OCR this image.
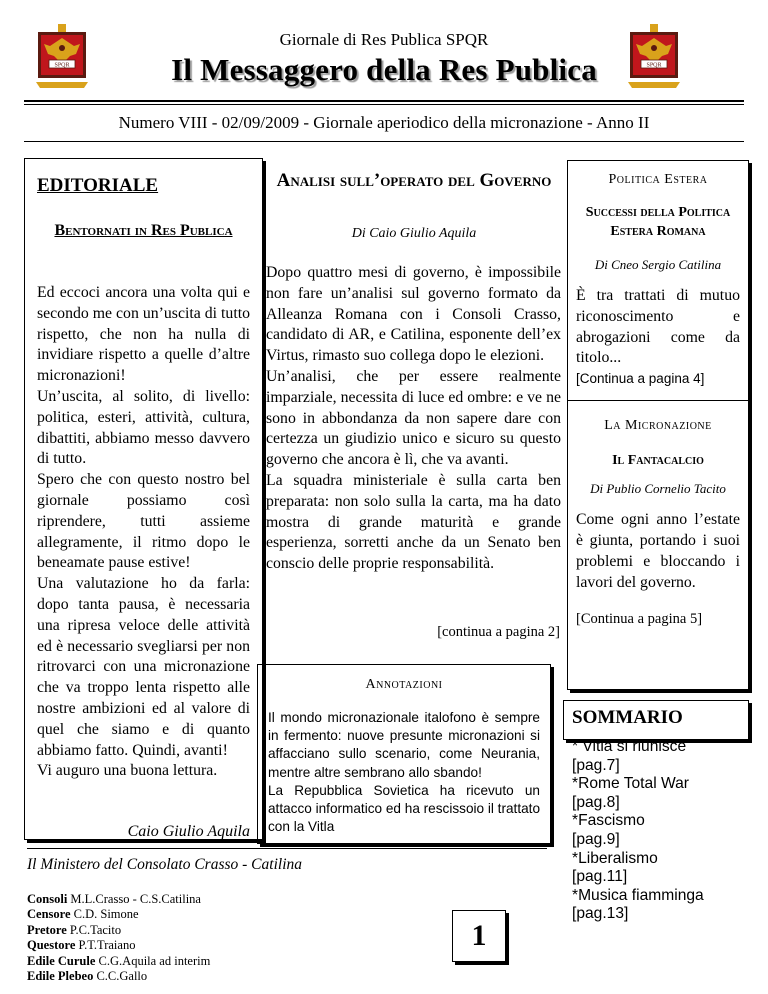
SPQR	SPQR
Giornale di Res Publica SPQR
Il Messaggero della Res Publica
Numero VIII - 02/09/2009 - Giornale aperiodico della micronazione - Anno II
EDITORIALE
Bentornati in Res Publica

Ed eccoci ancora una volta qui e secondo me con un’uscita di tutto rispetto, che non ha nulla di invidiare rispetto a quelle d’altre micronazioni!

Un’uscita, al solito, di livello: politica, esteri, attività, cultura, dibattiti, abbiamo messo davvero di tutto.

Spero che con questo nostro bel giornale possiamo così riprendere, tutti assieme allegramente, il ritmo dopo le beneamate pause estive!

Una valutazione ho da farla: dopo tanta pausa, è necessaria una ripresa veloce delle attività ed è necessario svegliarsi per non ritrovarci con una micronazione che va troppo lenta rispetto alle nostre ambizioni ed al valore di quel che siamo e di quanto abbiamo fatto. Quindi, avanti!

Vi auguro una buona lettura.

Caio Giulio Aquila
Analisi sull’operato del Governo
Di Caio Giulio Aquila

Dopo quattro mesi di governo, è impossibile non fare un’analisi sul governo formato da Alleanza Romana con i Consoli Crasso, candidato di AR, e Catilina, esponente dell’ex Virtus, rimasto suo collega dopo le elezioni.

Un’analisi, che per essere realmente imparziale, necessita di luce ed ombre: e ve ne sono in abbondanza da non sapere dare con certezza un giudizio unico e sicuro su questo governo che ancora è lì, che va avanti.

La squadra ministeriale è sulla carta ben preparata: non solo sulla la carta, ma ha dato mostra di grande maturità e grande esperienza, sorretti anche da un Senato ben conscio delle proprie responsabilità.

[continua a pagina 2]
Annotazioni

Il mondo micronazionale italofono è sempre in fermento: nuove presunte micronazioni si affacciano sullo scenario, come Neurania, mentre altre sembrano allo sbando!

La Repubblica Sovietica ha ricevuto un attacco informatico ed ha rescissoio il trattato con la Vitla

Politica Estera
Successi della Politica Estera Romana
Di Cneo Sergio Catilina
È tra trattati di mutuo riconoscimento e abrogazioni come da titolo...
[Continua a pagina 4]
La Micronazione
Il Fantacalcio
Di Publio Cornelio Tacito
Come ogni anno l’estate è giunta, portando i suoi problemi e bloccando i lavori del governo.
[Continua a pagina 5]
SOMMARIO
* Vitla si riunisce
[pag.7]
*Rome Total War
[pag.8]
*Fascismo
[pag.9]
*Liberalismo
[pag.11]
*Musica fiamminga
[pag.13]
Il Ministero del Consolato Crasso - Catilina
Consoli M.L.Crasso - C.S.Catilina
Censore C.D. Simone
Pretore P.C.Tacito
Questore P.T.Traiano
Edile Curule C.G.Aquila ad interim
Edile Plebeo C.C.Gallo
1
